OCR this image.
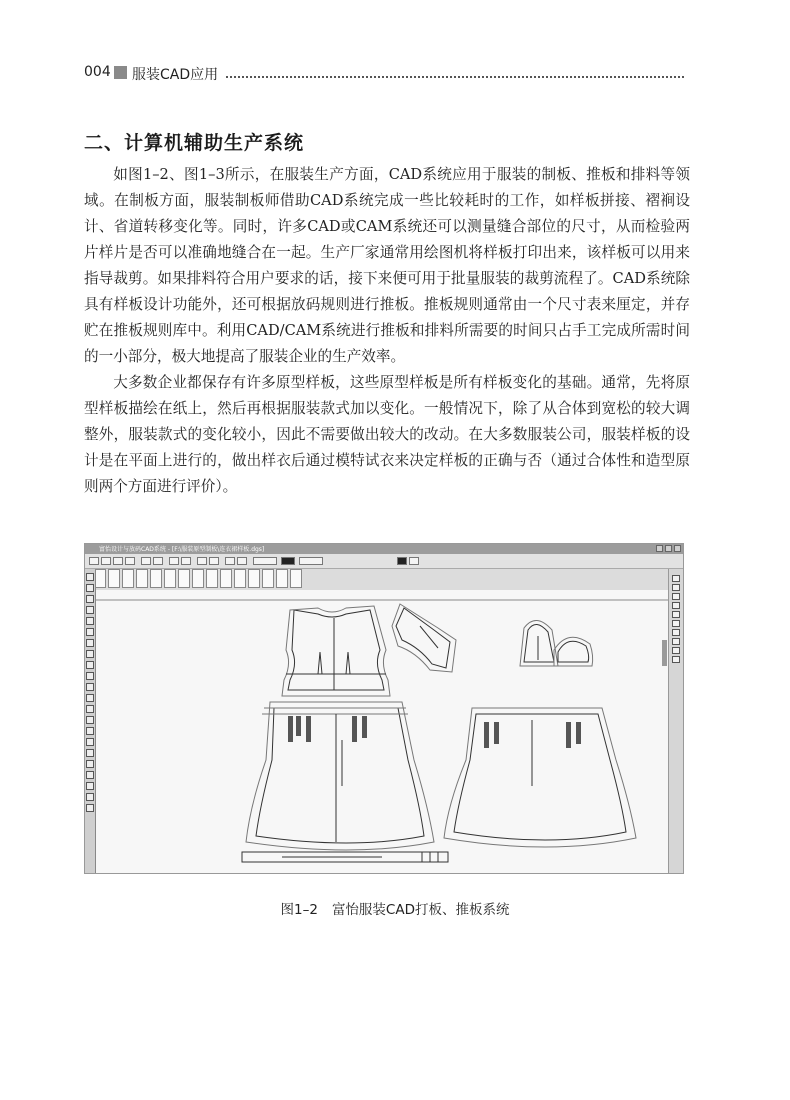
004 服装CAD应用
二、计算机辅助生产系统

如图1–2、图1–3所示，在服装生产方面，CAD系统应用于服装的制板、推板和排料等领域。在制板方面，服装制板师借助CAD系统完成一些比较耗时的工作，如样板拼接、褶裥设计、省道转移变化等。同时，许多CAD或CAM系统还可以测量缝合部位的尺寸，从而检验两片样片是否可以准确地缝合在一起。生产厂家通常用绘图机将样板打印出来，该样板可以用来指导裁剪。如果排料符合用户要求的话，接下来便可用于批量服装的裁剪流程了。CAD系统除具有样板设计功能外，还可根据放码规则进行推板。推板规则通常由一个尺寸表来厘定，并存贮在推板规则库中。利用CAD/CAM系统进行推板和排料所需要的时间只占手工完成所需时间的一小部分，极大地提高了服装企业的生产效率。

大多数企业都保存有许多原型样板，这些原型样板是所有样板变化的基础。通常，先将原型样板描绘在纸上，然后再根据服装款式加以变化。一般情况下，除了从合体到宽松的较大调整外，服装款式的变化较小，因此不需要做出较大的改动。在大多数服装公司，服装样板的设计是在平面上进行的，做出样衣后通过模特试衣来决定样板的正确与否（通过合体性和造型原则两个方面进行评价）。

富怡设计与放码CAD系统 - [F:\服装原型制板\连衣裙样板.dgs]
图1–2 富怡服装CAD打板、推板系统
